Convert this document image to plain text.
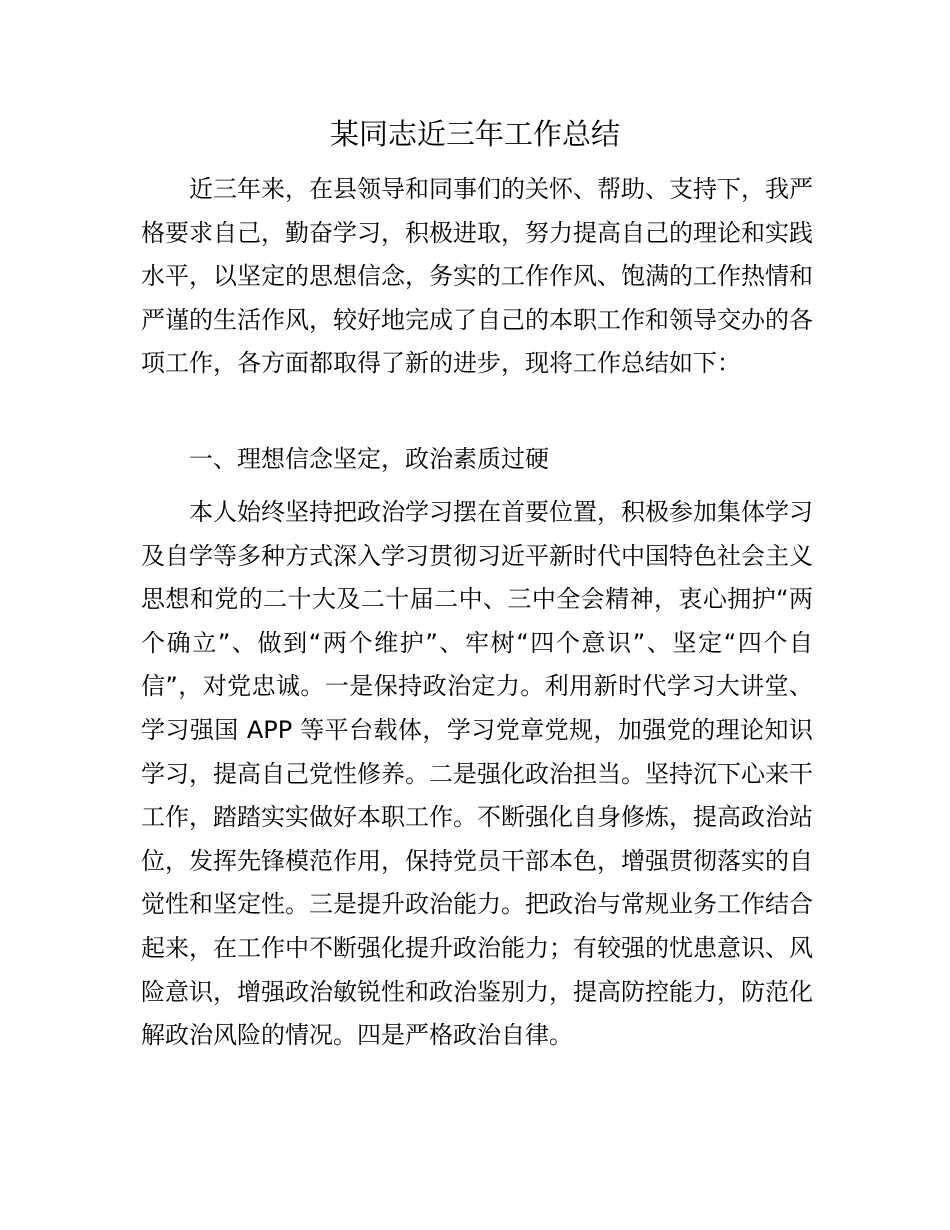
某同志近三年工作总结

近三年来，在县领导和同事们的关怀、帮助、支持下，我严格要求自己，勤奋学习，积极进取，努力提高自己的理论和实践水平，以坚定的思想信念，务实的工作作风、饱满的工作热情和严谨的生活作风，较好地完成了自己的本职工作和领导交办的各项工作，各方面都取得了新的进步，现将工作总结如下：

一、理想信念坚定，政治素质过硬

本人始终坚持把政治学习摆在首要位置，积极参加集体学习及自学等多种方式深入学习贯彻习近平新时代中国特色社会主义思想和党的二十大及二十届二中、三中全会精神，衷心拥护“两个确立”、做到“两个维护”、牢树“四个意识”、坚定“四个自信”，对党忠诚。一是保持政治定力。利用新时代学习大讲堂、学习强国 APP 等平台载体，学习党章党规，加强党的理论知识学习，提高自己党性修养。二是强化政治担当。坚持沉下心来干工作，踏踏实实做好本职工作。不断强化自身修炼，提高政治站位，发挥先锋模范作用，保持党员干部本色，增强贯彻落实的自觉性和坚定性。三是提升政治能力。把政治与常规业务工作结合起来，在工作中不断强化提升政治能力；有较强的忧患意识、风险意识，增强政治敏锐性和政治鉴别力，提高防控能力，防范化解政治风险的情况。四是严格政治自律。
